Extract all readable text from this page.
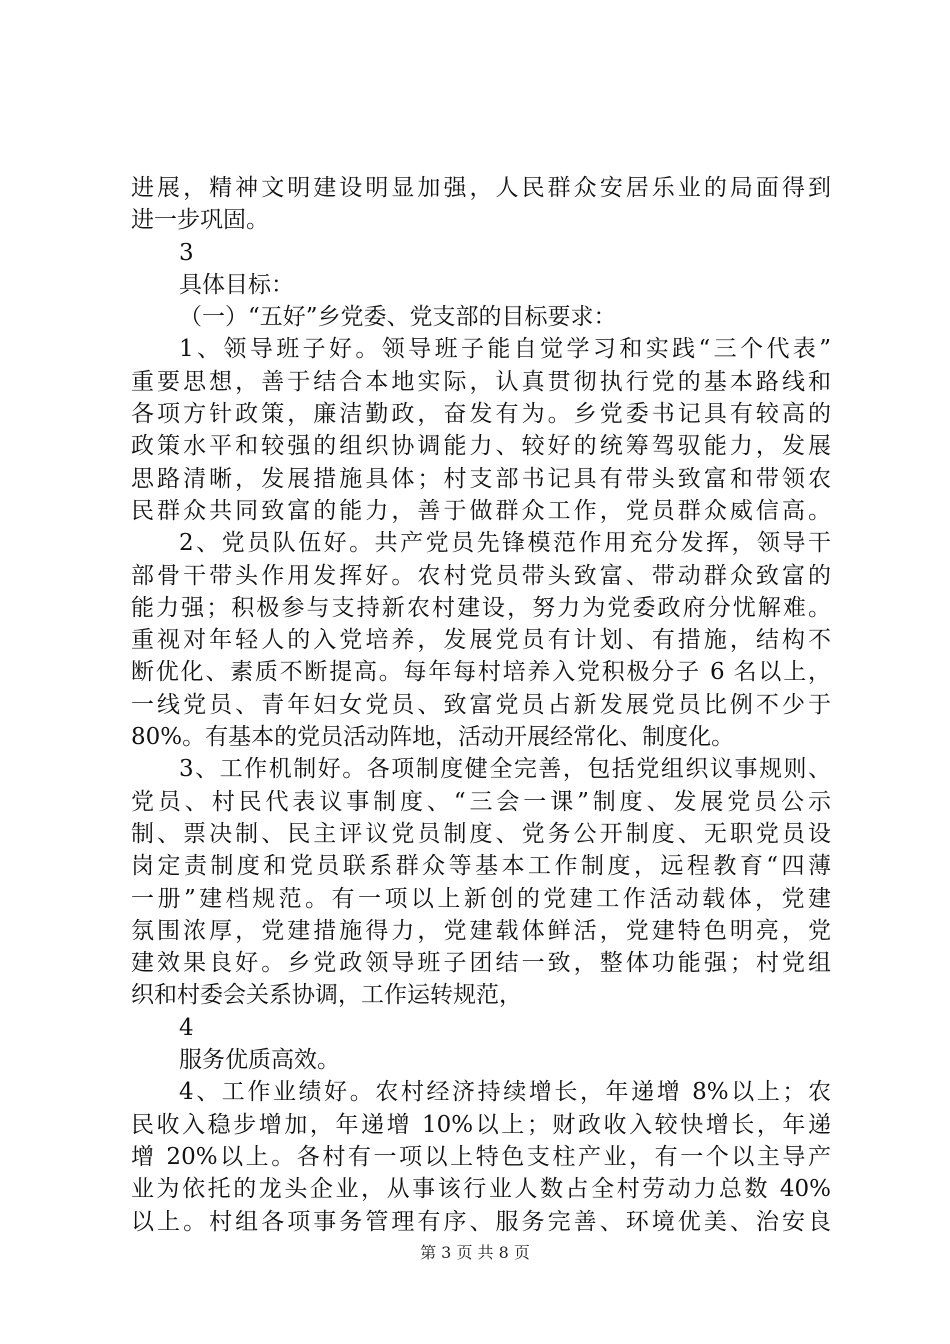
进展，精神文明建设明显加强，人民群众安居乐业的局面得到
进一步巩固。
3
具体目标：
（一）“五好”乡党委、党支部的目标要求：
1、领导班子好。领导班子能自觉学习和实践“三个代表”
重要思想，善于结合本地实际，认真贯彻执行党的基本路线和
各项方针政策，廉洁勤政，奋发有为。乡党委书记具有较高的
政策水平和较强的组织协调能力、较好的统筹驾驭能力，发展
思路清晰，发展措施具体；村支部书记具有带头致富和带领农
民群众共同致富的能力，善于做群众工作，党员群众威信高。
2、党员队伍好。共产党员先锋模范作用充分发挥，领导干
部骨干带头作用发挥好。农村党员带头致富、带动群众致富的
能力强；积极参与支持新农村建设，努力为党委政府分忧解难。
重视对年轻人的入党培养，发展党员有计划、有措施，结构不
断优化、素质不断提高。每年每村培养入党积极分子 6 名以上，
一线党员、青年妇女党员、致富党员占新发展党员比例不少于
80%。有基本的党员活动阵地，活动开展经常化、制度化。
3、工作机制好。各项制度健全完善，包括党组织议事规则、
党员、村民代表议事制度、“三会一课”制度、发展党员公示
制、票决制、民主评议党员制度、党务公开制度、无职党员设
岗定责制度和党员联系群众等基本工作制度，远程教育“四薄
一册”建档规范。有一项以上新创的党建工作活动载体，党建
氛围浓厚，党建措施得力，党建载体鲜活，党建特色明亮，党
建效果良好。乡党政领导班子团结一致，整体功能强；村党组
织和村委会关系协调，工作运转规范，
4
服务优质高效。
4、工作业绩好。农村经济持续增长，年递增 8%以上；农
民收入稳步增加，年递增 10%以上；财政收入较快增长，年递
增 20%以上。各村有一项以上特色支柱产业，有一个以主导产
业为依托的龙头企业，从事该行业人数占全村劳动力总数 40%
以上。村组各项事务管理有序、服务完善、环境优美、治安良
第 3 页 共 8 页
